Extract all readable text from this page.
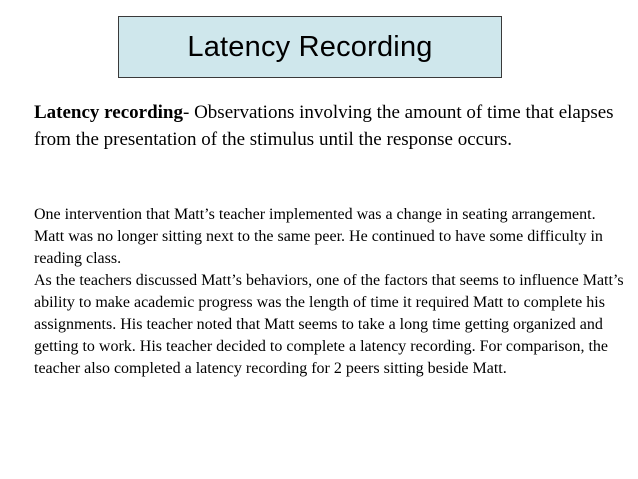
Latency Recording
Latency recording- Observations involving the amount of time that elapses from the presentation of the stimulus until the response occurs.

One intervention that Matt’s teacher implemented was a change in seating arrangement. Matt was no longer sitting next to the same peer. He continued to have some difficulty in reading class.

As the teachers discussed Matt’s behaviors, one of the factors that seems to influence Matt’s ability to make academic progress was the length of time it required Matt to complete his assignments. His teacher noted that Matt seems to take a long time getting organized and getting to work. His teacher decided to complete a latency recording. For comparison, the teacher also completed a latency recording for 2 peers sitting beside Matt.
